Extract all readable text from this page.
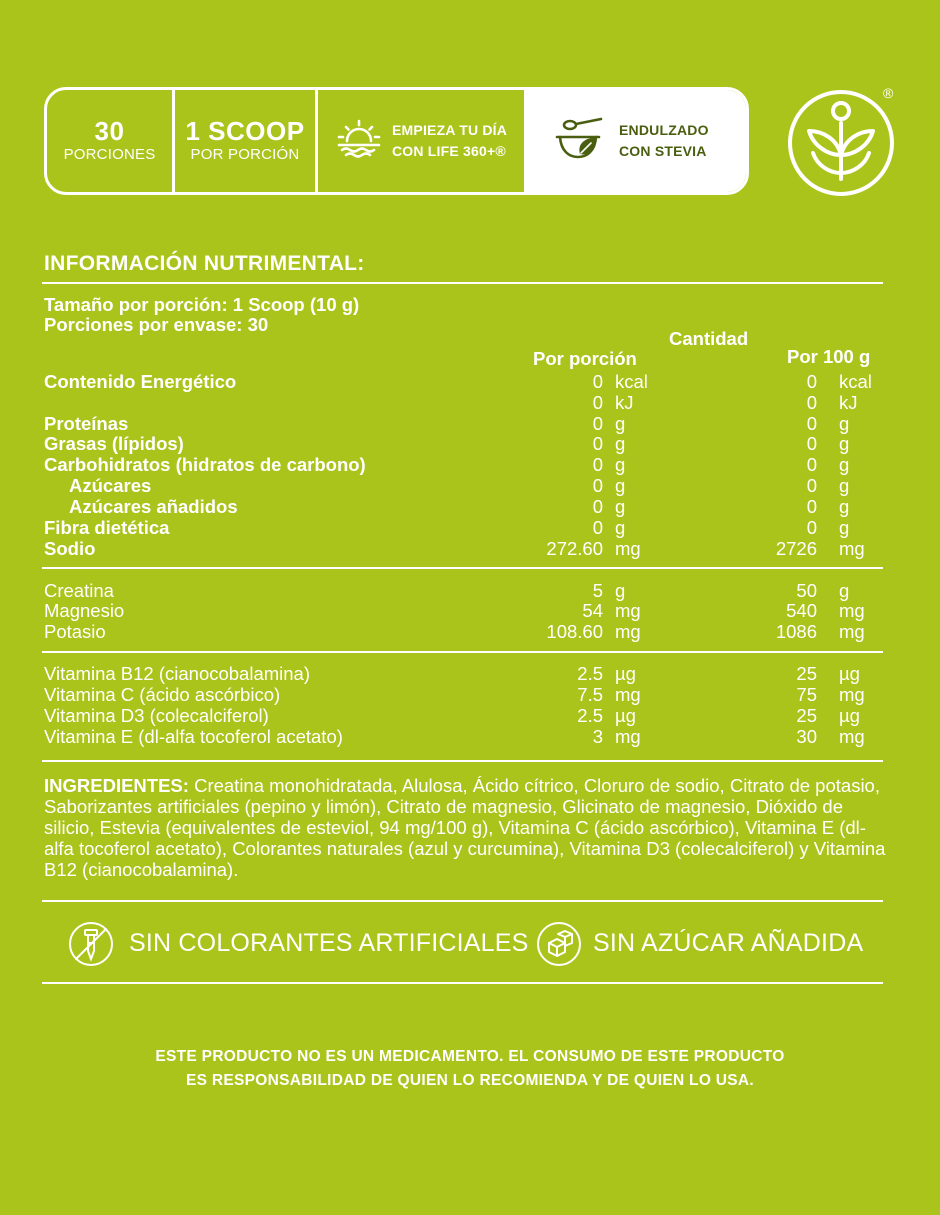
30
PORCIONES
1 SCOOP
POR PORCIÓN
EMPIEZA TU DÍA
CON LIFE 360+®
ENDULZADO
CON STEVIA
®
INFORMACIÓN NUTRIMENTAL:
Tamaño por porción: 1 Scoop (10 g)
Porciones por envase: 30
Cantidad
Por porción	Por 100 g
Contenido Energético	0 kcal	0 kcal
0 kJ	0 kJ
Proteínas	0 g	0 g
Grasas (lípidos)	0 g	0 g
Carbohidratos (hidratos de carbono)	0 g	0 g
Azúcares	0 g	0 g
Azúcares añadidos	0 g	0 g
Fibra dietética	0 g	0 g
Sodio	272.60 mg	2726 mg
Creatina	5 g	50 g
Magnesio	54 mg	540 mg
Potasio	108.60 mg	1086 mg
Vitamina B12 (cianocobalamina)	2.5 µg	25 µg
Vitamina C (ácido ascórbico)	7.5 mg	75 mg
Vitamina D3 (colecalciferol)	2.5 µg	25 µg
Vitamina E (dl-alfa tocoferol acetato)	3 mg	30 mg
INGREDIENTES: Creatina monohidratada, Alulosa, Ácido cítrico, Cloruro de sodio, Citrato de potasio, Saborizantes artificiales (pepino y limón), Citrato de magnesio, Glicinato de magnesio, Dióxido de silicio, Estevia (equivalentes de esteviol, 94 mg/100 g), Vitamina C (ácido ascórbico), Vitamina E (dl-alfa tocoferol acetato), Colorantes naturales (azul y curcumina), Vitamina D3 (colecalciferol) y Vitamina B12 (cianocobalamina).
SIN COLORANTES ARTIFICIALES	SIN AZÚCAR AÑADIDA
ESTE PRODUCTO NO ES UN MEDICAMENTO. EL CONSUMO DE ESTE PRODUCTO
ES RESPONSABILIDAD DE QUIEN LO RECOMIENDA Y DE QUIEN LO USA.
